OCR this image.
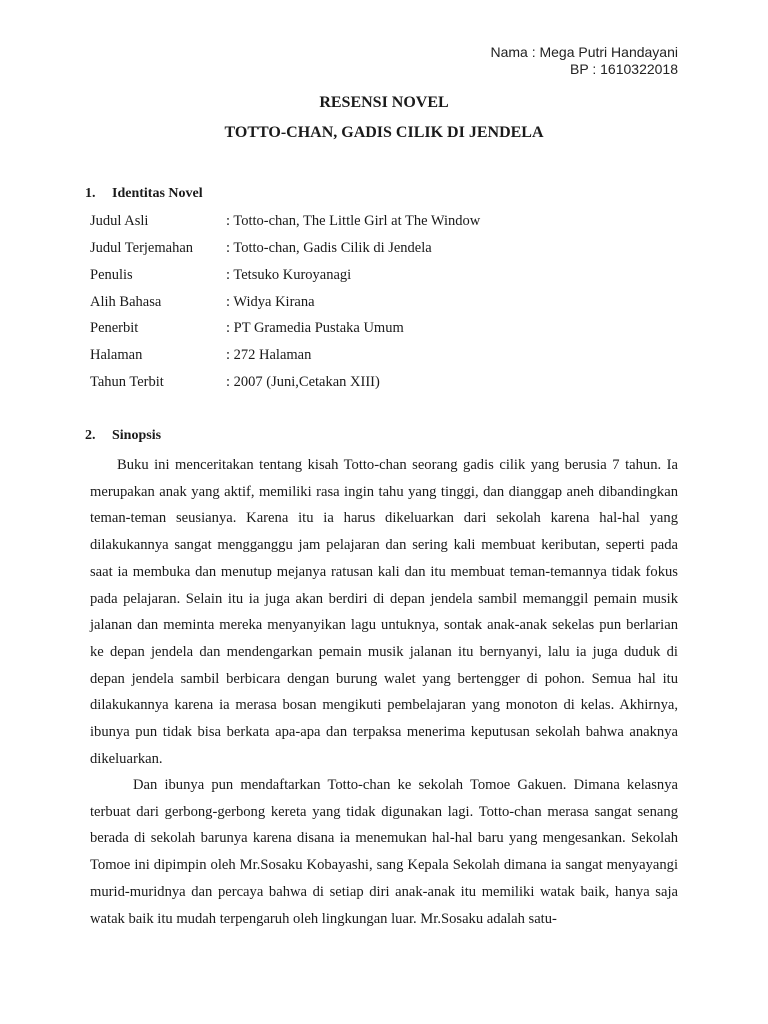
Nama : Mega Putri Handayani
BP : 1610322018
RESENSI NOVEL
TOTTO-CHAN, GADIS CILIK DI JENDELA
1. Identitas Novel
Judul Asli	: Totto-chan, The Little Girl at The Window
Judul Terjemahan : Totto-chan, Gadis Cilik di Jendela
Penulis	: Tetsuko Kuroyanagi
Alih Bahasa	: Widya Kirana
Penerbit	: PT Gramedia Pustaka Umum
Halaman	: 272 Halaman
Tahun Terbit	: 2007 (Juni,Cetakan XIII)
2. Sinopsis

Buku ini menceritakan tentang kisah Totto-chan seorang gadis cilik yang berusia 7 tahun. Ia merupakan anak yang aktif, memiliki rasa ingin tahu yang tinggi, dan dianggap aneh dibandingkan teman-teman seusianya. Karena itu ia harus dikeluarkan dari sekolah karena hal-hal yang dilakukannya sangat mengganggu jam pelajaran dan sering kali membuat keributan, seperti pada saat ia membuka dan menutup mejanya ratusan kali dan itu membuat teman-temannya tidak fokus pada pelajaran. Selain itu ia juga akan berdiri di depan jendela sambil memanggil pemain musik jalanan dan meminta mereka menyanyikan lagu untuknya, sontak anak-anak sekelas pun berlarian ke depan jendela dan mendengarkan pemain musik jalanan itu bernyanyi, lalu ia juga duduk di depan jendela sambil berbicara dengan burung walet yang bertengger di pohon. Semua hal itu dilakukannya karena ia merasa bosan mengikuti pembelajaran yang monoton di kelas. Akhirnya, ibunya pun tidak bisa berkata apa-apa dan terpaksa menerima keputusan sekolah bahwa anaknya dikeluarkan.

Dan ibunya pun mendaftarkan Totto-chan ke sekolah Tomoe Gakuen. Dimana kelasnya terbuat dari gerbong-gerbong kereta yang tidak digunakan lagi. Totto-chan merasa sangat senang berada di sekolah barunya karena disana ia menemukan hal-hal baru yang mengesankan. Sekolah Tomoe ini dipimpin oleh Mr.Sosaku Kobayashi, sang Kepala Sekolah dimana ia sangat menyayangi murid-muridnya dan percaya bahwa di setiap diri anak-anak itu memiliki watak baik, hanya saja watak baik itu mudah terpengaruh oleh lingkungan luar. Mr.Sosaku adalah satu-
